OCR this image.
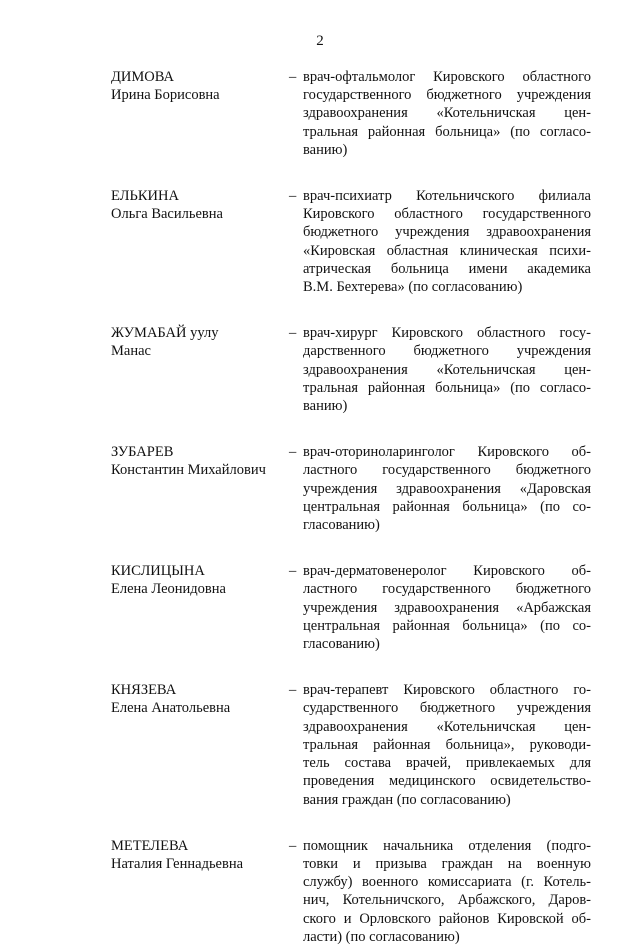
2
ДИМОВА
Ирина Борисовна
– врач-офтальмолог Кировского областного
государственного бюджетного учреждения
здравоохранения «Котельничская цен-
тральная районная больница» (по согласо-
ванию)
ЕЛЬКИНА
Ольга Васильевна
– врач-психиатр Котельничского филиала
Кировского областного государственного
бюджетного учреждения здравоохранения
«Кировская областная клиническая психи-
атрическая больница имени академика
В.М. Бехтерева» (по согласованию)
ЖУМАБАЙ уулу
Манас
– врач-хирург Кировского областного госу-
дарственного бюджетного учреждения
здравоохранения «Котельничская цен-
тральная районная больница» (по согласо-
ванию)
ЗУБАРЕВ
Константин Михайлович
– врач-оториноларинголог Кировского об-
ластного государственного бюджетного
учреждения здравоохранения «Даровская
центральная районная больница» (по со-
гласованию)
КИСЛИЦЫНА
Елена Леонидовна
– врач-дерматовенеролог Кировского об-
ластного государственного бюджетного
учреждения здравоохранения «Арбажская
центральная районная больница» (по со-
гласованию)
КНЯЗЕВА
Елена Анатольевна
– врач-терапевт Кировского областного го-
сударственного бюджетного учреждения
здравоохранения «Котельничская цен-
тральная районная больница», руководи-
тель состава врачей, привлекаемых для
проведения медицинского освидетельство-
вания граждан (по согласованию)
МЕТЕЛЕВА
Наталия Геннадьевна
– помощник начальника отделения (подго-
товки и призыва граждан на военную
службу) военного комиссариата (г. Котель-
нич, Котельничского, Арбажского, Даров-
ского и Орловского районов Кировской об-
ласти) (по согласованию)
